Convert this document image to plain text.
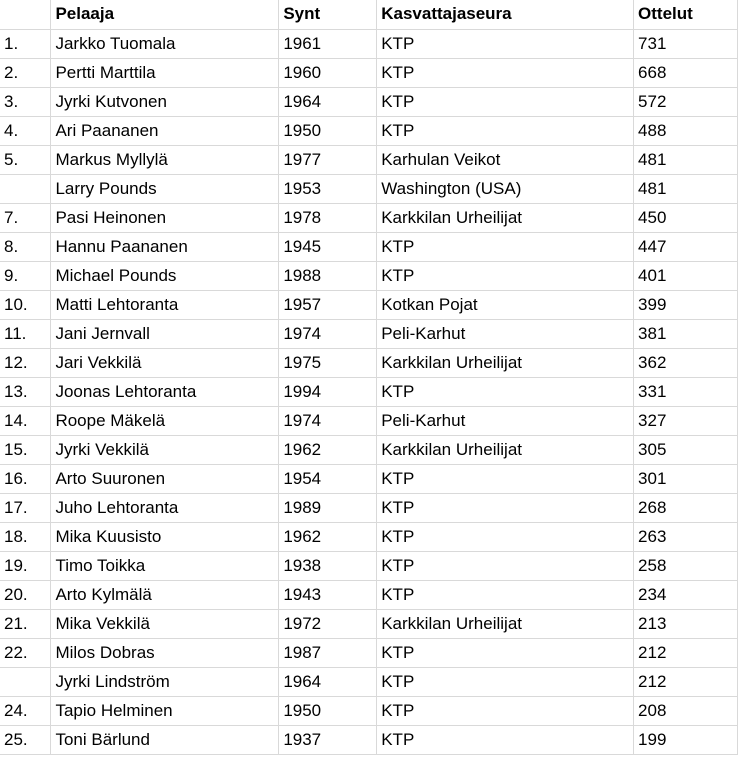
	Pelaaja	Synt	Kasvattajaseura	Ottelut
1.	Jarkko Tuomala	1961	KTP	731
2.	Pertti Marttila	1960	KTP	668
3.	Jyrki Kutvonen	1964	KTP	572
4.	Ari Paananen	1950	KTP	488
5.	Markus Myllylä	1977	Karhulan Veikot	481
	Larry Pounds	1953	Washington (USA)	481
7.	Pasi Heinonen	1978	Karkkilan Urheilijat	450
8.	Hannu Paananen	1945	KTP	447
9.	Michael Pounds	1988	KTP	401
10.	Matti Lehtoranta	1957	Kotkan Pojat	399
11.	Jani Jernvall	1974	Peli-Karhut	381
12.	Jari Vekkilä	1975	Karkkilan Urheilijat	362
13.	Joonas Lehtoranta	1994	KTP	331
14.	Roope Mäkelä	1974	Peli-Karhut	327
15.	Jyrki Vekkilä	1962	Karkkilan Urheilijat	305
16.	Arto Suuronen	1954	KTP	301
17.	Juho Lehtoranta	1989	KTP	268
18.	Mika Kuusisto	1962	KTP	263
19.	Timo Toikka	1938	KTP	258
20.	Arto Kylmälä	1943	KTP	234
21.	Mika Vekkilä	1972	Karkkilan Urheilijat	213
22.	Milos Dobras	1987	KTP	212
	Jyrki Lindström	1964	KTP	212
24.	Tapio Helminen	1950	KTP	208
25.	Toni Bärlund	1937	KTP	199
